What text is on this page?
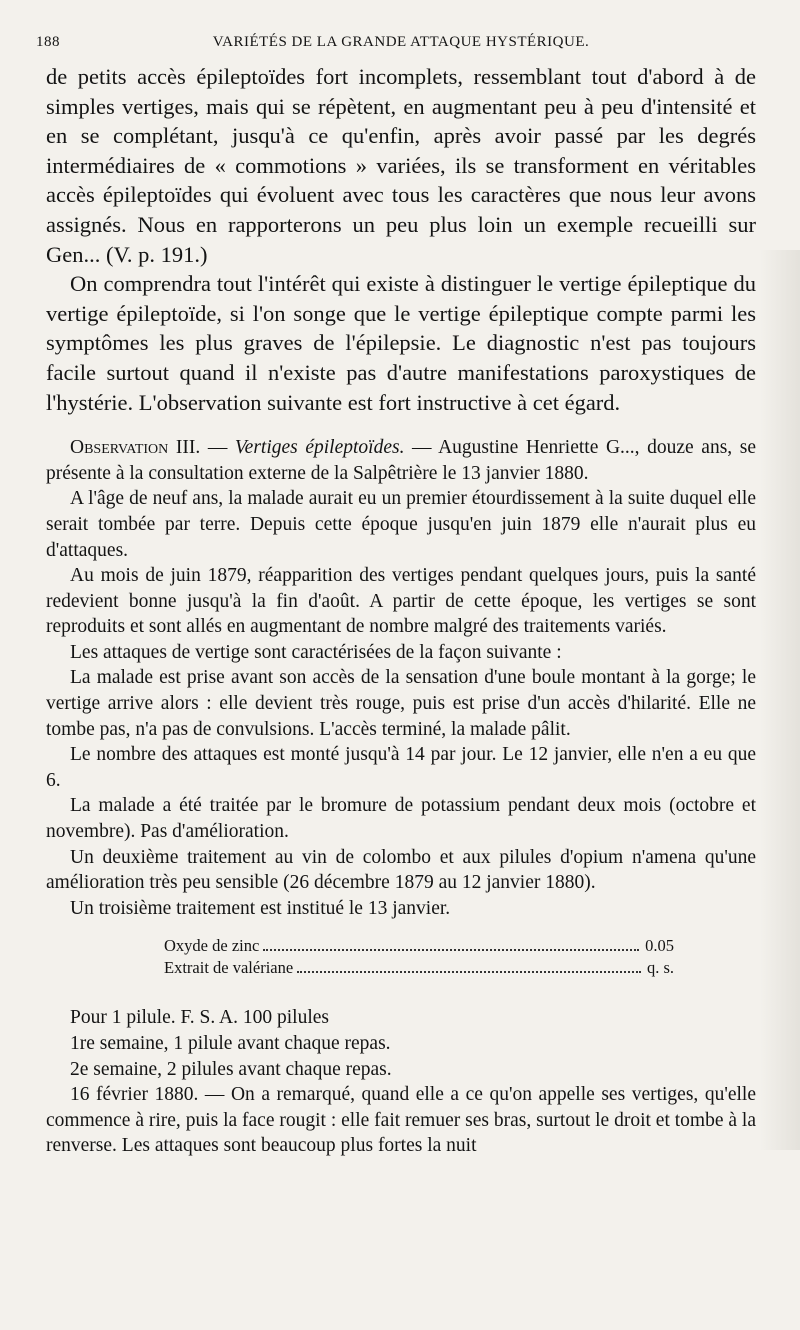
188	VARIÉTÉS DE LA GRANDE ATTAQUE HYSTÉRIQUE.

de petits accès épileptoïdes fort incomplets, ressemblant tout d'abord à de simples vertiges, mais qui se répètent, en augmentant peu à peu d'intensité et en se complétant, jusqu'à ce qu'enfin, après avoir passé par les degrés intermédiaires de « commotions » variées, ils se transforment en véritables accès épileptoïdes qui évoluent avec tous les caractères que nous leur avons assignés. Nous en rapporterons un peu plus loin un exemple recueilli sur Gen... (V. p. 191.)

On comprendra tout l'intérêt qui existe à distinguer le vertige épileptique du vertige épileptoïde, si l'on songe que le vertige épileptique compte parmi les symptômes les plus graves de l'épilepsie. Le diagnostic n'est pas toujours facile surtout quand il n'existe pas d'autre manifestations paroxystiques de l'hystérie. L'observation suivante est fort instructive à cet égard.

Observation III. — Vertiges épileptoïdes. — Augustine Henriette G..., douze ans, se présente à la consultation externe de la Salpêtrière le 13 janvier 1880.

A l'âge de neuf ans, la malade aurait eu un premier étourdissement à la suite duquel elle serait tombée par terre. Depuis cette époque jusqu'en juin 1879 elle n'aurait plus eu d'attaques.

Au mois de juin 1879, réapparition des vertiges pendant quelques jours, puis la santé redevient bonne jusqu'à la fin d'août. A partir de cette époque, les vertiges se sont reproduits et sont allés en augmentant de nombre malgré des traitements variés.

Les attaques de vertige sont caractérisées de la façon suivante :

La malade est prise avant son accès de la sensation d'une boule montant à la gorge; le vertige arrive alors : elle devient très rouge, puis est prise d'un accès d'hilarité. Elle ne tombe pas, n'a pas de convulsions. L'accès terminé, la malade pâlit.

Le nombre des attaques est monté jusqu'à 14 par jour. Le 12 janvier, elle n'en a eu que 6.

La malade a été traitée par le bromure de potassium pendant deux mois (octobre et novembre). Pas d'amélioration.

Un deuxième traitement au vin de colombo et aux pilules d'opium n'amena qu'une amélioration très peu sensible (26 décembre 1879 au 12 janvier 1880).

Un troisième traitement est institué le 13 janvier.

Oxyde de zinc	0.05
Extrait de valériane	q. s.

Pour 1 pilule. F. S. A. 100 pilules

1re semaine, 1 pilule avant chaque repas.

2e semaine, 2 pilules avant chaque repas.

16 février 1880. — On a remarqué, quand elle a ce qu'on appelle ses vertiges, qu'elle commence à rire, puis la face rougit : elle fait remuer ses bras, surtout le droit et tombe à la renverse. Les attaques sont beaucoup plus fortes la nuit
